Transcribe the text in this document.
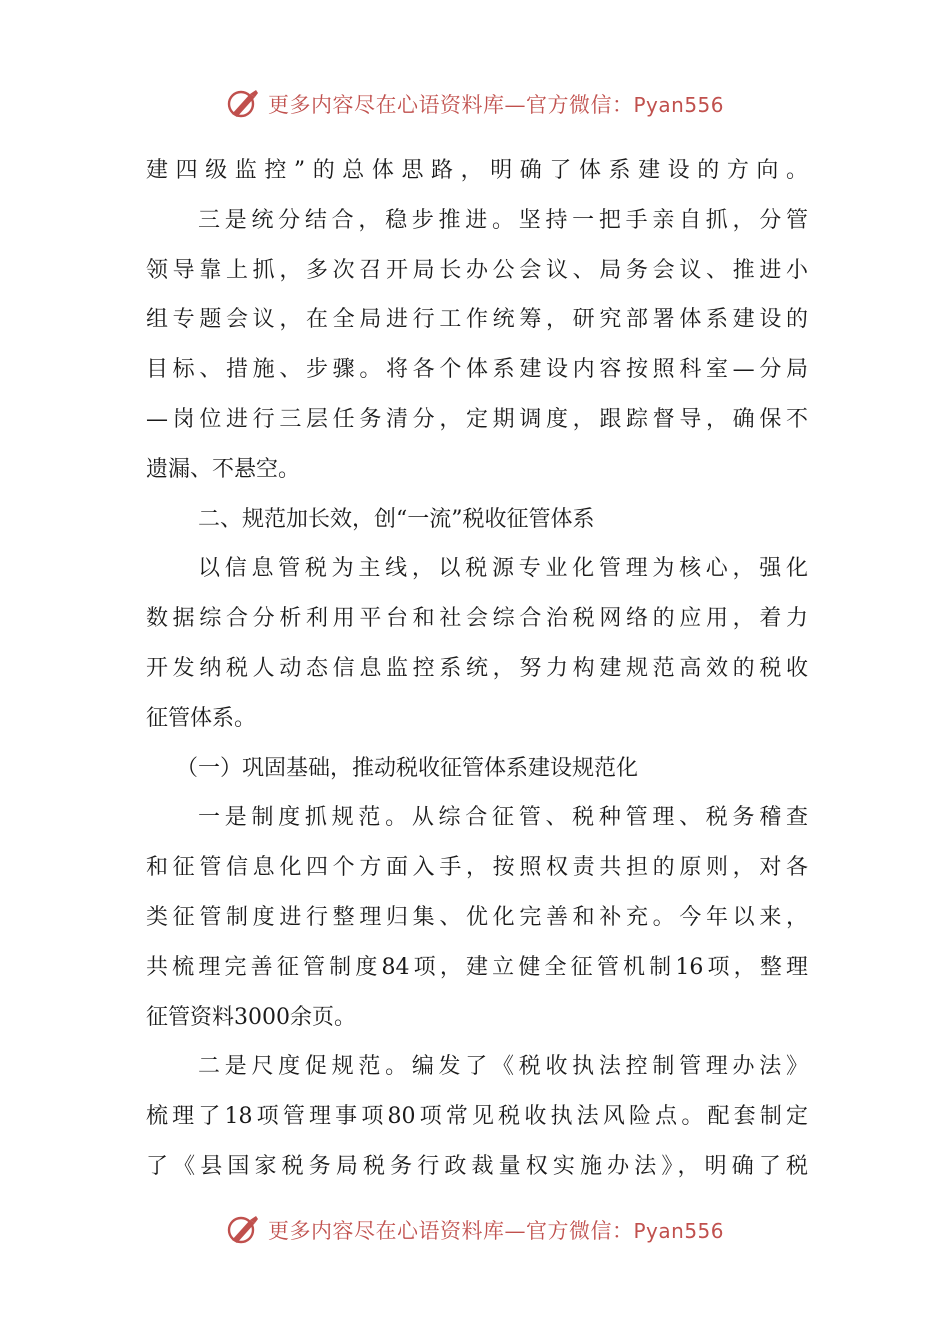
更多内容尽在心语资料库—官方微信：Pyan556
建四级监控”的总体思路，明确了体系建设的方向。
三是统分结合，稳步推进。坚持一把手亲自抓，分管
领导靠上抓，多次召开局长办公会议、局务会议、推进小
组专题会议，在全局进行工作统筹，研究部署体系建设的
目标、措施、步骤。将各个体系建设内容按照科室—分局
—岗位进行三层任务清分，定期调度，跟踪督导，确保不
遗漏、不悬空。
二、规范加长效，创“一流”税收征管体系
以信息管税为主线，以税源专业化管理为核心，强化
数据综合分析利用平台和社会综合治税网络的应用，着力
开发纳税人动态信息监控系统，努力构建规范高效的税收
征管体系。
（一）巩固基础，推动税收征管体系建设规范化
一是制度抓规范。从综合征管、税种管理、税务稽查
和征管信息化四个方面入手，按照权责共担的原则，对各
类征管制度进行整理归集、优化完善和补充。今年以来，
共梳理完善征管制度84项，建立健全征管机制16项，整理
征管资料3000余页。
二是尺度促规范。编发了《税收执法控制管理办法》
梳理了18项管理事项80项常见税收执法风险点。配套制定
了《县国家税务局税务行政裁量权实施办法》，明确了税
更多内容尽在心语资料库—官方微信：Pyan556
